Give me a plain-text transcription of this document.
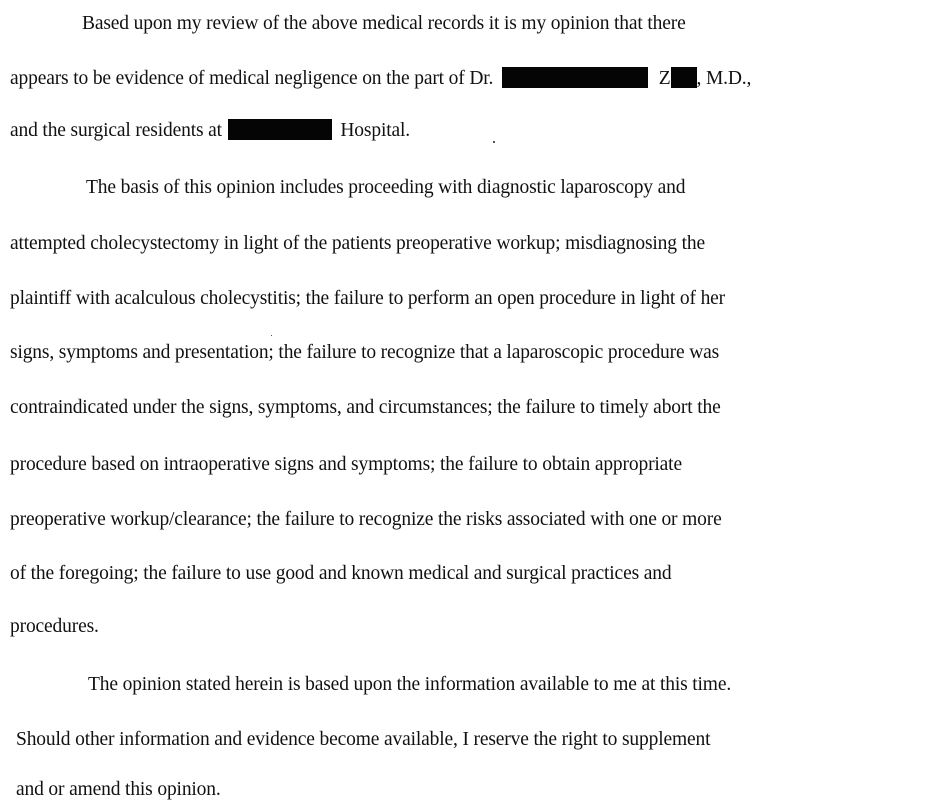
Based upon my review of the above medical records it is my opinion that there
appears to be evidence of medical negligence on the part of Dr.	Z , M.D.,
and the surgical residents at	Hospital.
The basis of this opinion includes proceeding with diagnostic laparoscopy and
attempted cholecystectomy in light of the patients preoperative workup; misdiagnosing the
plaintiff with acalculous cholecystitis; the failure to perform an open procedure in light of her
signs, symptoms and presentation; the failure to recognize that a laparoscopic procedure was
contraindicated under the signs, symptoms, and circumstances; the failure to timely abort the
procedure based on intraoperative signs and symptoms; the failure to obtain appropriate
preoperative workup/clearance; the failure to recognize the risks associated with one or more
of the foregoing; the failure to use good and known medical and surgical practices and
procedures.
The opinion stated herein is based upon the information available to me at this time.
Should other information and evidence become available, I reserve the right to supplement
and or amend this opinion.
